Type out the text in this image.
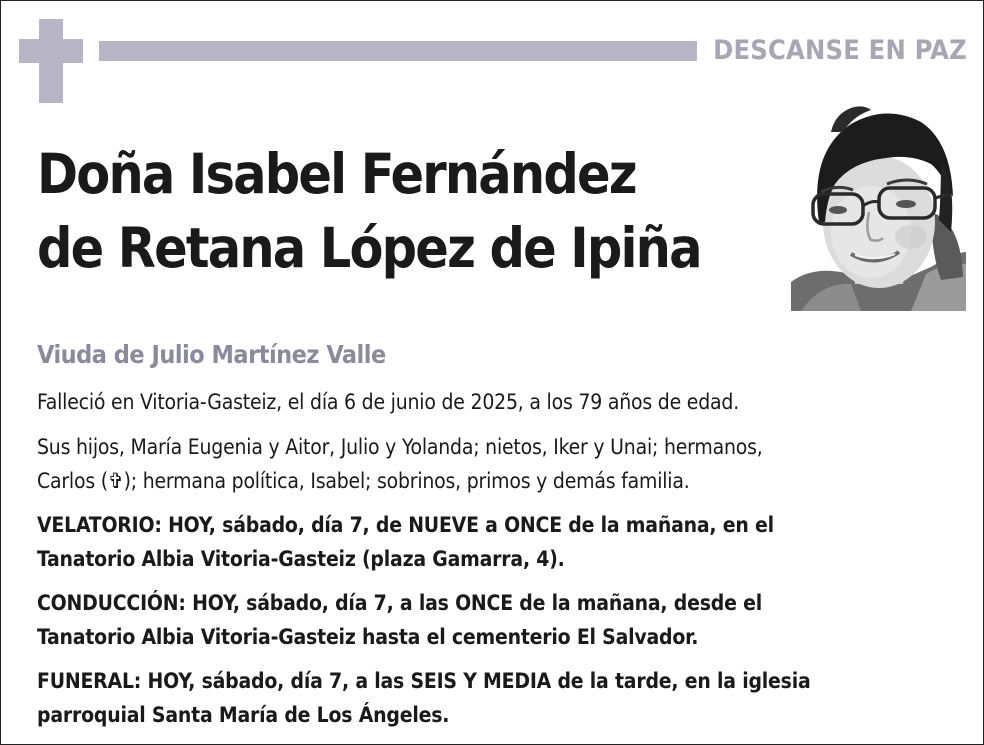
DESCANSE EN PAZ
Doña Isabel Fernández
de Retana López de Ipiña
Viuda de Julio Martínez Valle
Falleció en Vitoria-Gasteiz, el día 6 de junio de 2025, a los 79 años de edad.
Sus hijos, María Eugenia y Aitor, Julio y Yolanda; nietos, Iker y Unai; hermanos,
Carlos (✞); hermana política, Isabel; sobrinos, primos y demás familia.
VELATORIO: HOY, sábado, día 7, de NUEVE a ONCE de la mañana, en el
Tanatorio Albia Vitoria-Gasteiz (plaza Gamarra, 4).
CONDUCCIÓN: HOY, sábado, día 7, a las ONCE de la mañana, desde el
Tanatorio Albia Vitoria-Gasteiz hasta el cementerio El Salvador.
FUNERAL: HOY, sábado, día 7, a las SEIS Y MEDIA de la tarde, en la iglesia
parroquial Santa María de Los Ángeles.
